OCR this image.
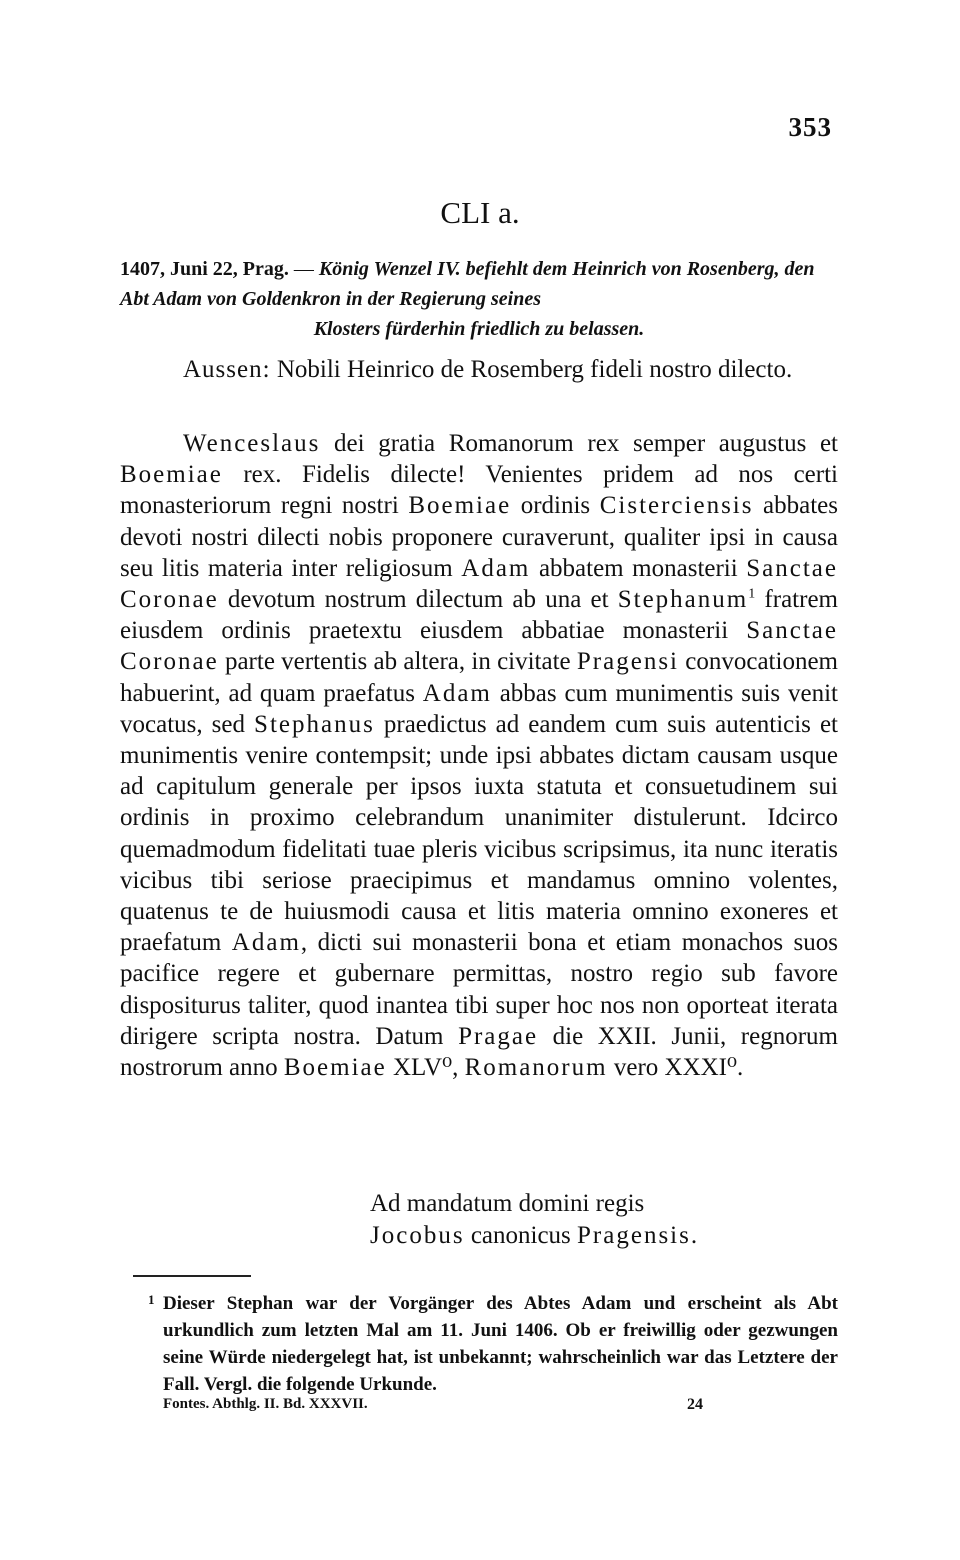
353
CLI a.
1407, Juni 22, Prag. — König Wenzel IV. befiehlt dem Heinrich von Rosenberg, den Abt Adam von Goldenkron in der Regierung seines
Klosters fürderhin friedlich zu belassen.
Aussen: Nobili Heinrico de Rosemberg fideli nostro dilecto.

Wenceslaus dei gratia Romanorum rex semper augustus et Boemiae rex. Fidelis dilecte! Venientes pridem ad nos certi monasteriorum regni nostri Boemiae ordinis Cisterciensis abbates devoti nostri dilecti nobis proponere curaverunt, qualiter ipsi in causa seu litis materia inter religiosum Adam abbatem monasterii Sanctae Coronae devotum nostrum dilectum ab una et Stephanum$^1$ fratrem eiusdem ordinis praetextu eiusdem abbatiae monasterii Sanctae Coronae parte vertentis ab altera, in civitate Pragensi convocationem habuerint, ad quam praefatus Adam abbas cum munimentis suis venit vocatus, sed Stephanus praedictus ad eandem cum suis autenticis et munimentis venire contempsit; unde ipsi abbates dictam causam usque ad capitulum generale per ipsos iuxta statuta et consuetudinem sui ordinis in proximo celebrandum unanimiter distulerunt. Idcirco quemadmodum fidelitati tuae pleris vicibus scripsimus, ita nunc iteratis vicibus tibi seriose praecipimus et mandamus omnino volentes, quatenus te de huiusmodi causa et litis materia omnino exoneres et praefatum Adam, dicti sui monasterii bona et etiam monachos suos pacifice regere et gubernare permittas, nostro regio sub favore dispositurus taliter, quod inantea tibi super hoc nos non oporteat iterata dirigere scripta nostra. Datum Pragae die XXII. Junii, regnorum nostrorum anno Boemiae XLV⁰, Romanorum vero XXXI⁰.

Ad mandatum domini regis
Jocobus canonicus Pragensis.
1 Dieser Stephan war der Vorgänger des Abtes Adam und erscheint als Abt urkundlich zum letzten Mal am 11. Juni 1406. Ob er freiwillig oder gezwungen seine Würde niedergelegt hat, ist unbekannt; wahrscheinlich war das Letztere der Fall. Vergl. die folgende Urkunde.
Fontes. Abthlg. II. Bd. XXXVII.	24
